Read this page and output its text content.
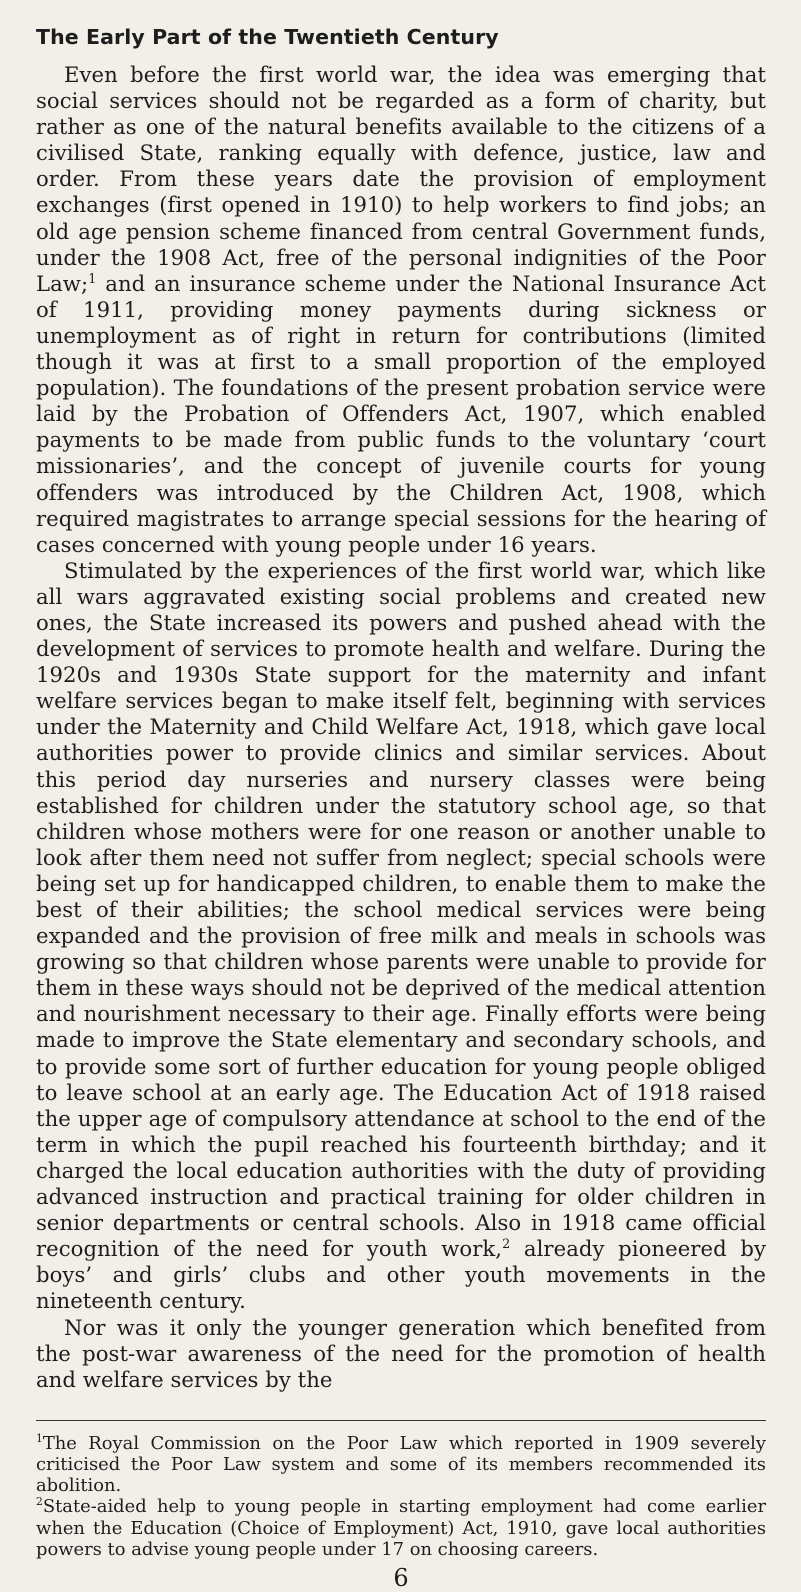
The Early Part of the Twentieth Century

Even before the first world war, the idea was emerging that social services should not be regarded as a form of charity, but rather as one of the natural benefits available to the citizens of a civilised State, ranking equally with defence, justice, law and order. From these years date the provision of employment exchanges (first opened in 1910) to help workers to find jobs; an old age pension scheme financed from central Government funds, under the 1908 Act, free of the personal indignities of the Poor Law;$^1$ and an insurance scheme under the National Insurance Act of 1911, providing money payments during sickness or unemployment as of right in return for contributions (limited though it was at first to a small proportion of the employed population). The foundations of the present probation service were laid by the Probation of Offenders Act, 1907, which enabled payments to be made from public funds to the voluntary ‘court missionaries’, and the concept of juvenile courts for young offenders was introduced by the Children Act, 1908, which required magistrates to arrange special sessions for the hearing of cases concerned with young people under 16 years.

Stimulated by the experiences of the first world war, which like all wars aggravated existing social problems and created new ones, the State increased its powers and pushed ahead with the development of services to promote health and welfare. During the 1920s and 1930s State support for the maternity and infant welfare services began to make itself felt, beginning with services under the Maternity and Child Welfare Act, 1918, which gave local authorities power to provide clinics and similar services. About this period day nurseries and nursery classes were being established for children under the statutory school age, so that children whose mothers were for one reason or another unable to look after them need not suffer from neglect; special schools were being set up for handicapped children, to enable them to make the best of their abilities; the school medical services were being expanded and the provision of free milk and meals in schools was growing so that children whose parents were unable to provide for them in these ways should not be deprived of the medical attention and nourishment necessary to their age. Finally efforts were being made to improve the State elementary and secondary schools, and to provide some sort of further education for young people obliged to leave school at an early age. The Education Act of 1918 raised the upper age of compulsory attendance at school to the end of the term in which the pupil reached his fourteenth birthday; and it charged the local education authorities with the duty of providing advanced instruction and practical training for older children in senior departments or central schools. Also in 1918 came official recognition of the need for youth work,$^2$ already pioneered by boys’ and girls’ clubs and other youth movements in the nineteenth century.

Nor was it only the younger generation which benefited from the post-war awareness of the need for the promotion of health and welfare services by the

$^1$The Royal Commission on the Poor Law which reported in 1909 severely criticised the Poor Law system and some of its members recommended its abolition.

$^2$State-aided help to young people in starting employment had come earlier when the Education (Choice of Employment) Act, 1910, gave local authorities powers to advise young people under 17 on choosing careers.

6
